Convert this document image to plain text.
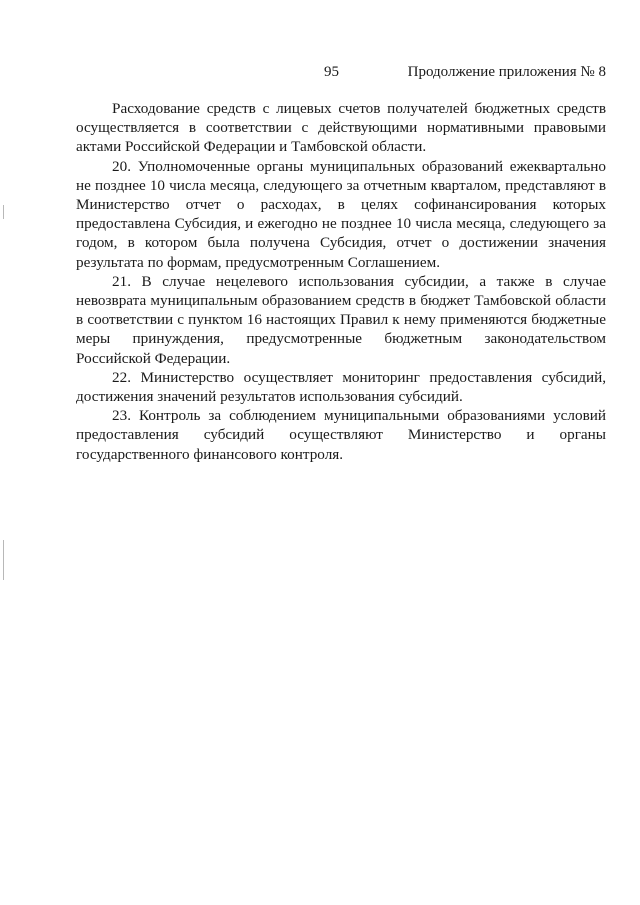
95	Продолжение приложения № 8

Расходование средств с лицевых счетов получателей бюджетных средств осуществляется в соответствии с действующими нормативными правовыми актами Российской Федерации и Тамбовской области.

20. Уполномоченные органы муниципальных образований ежеквартально не позднее 10 числа месяца, следующего за отчетным кварталом, представляют в Министерство отчет о расходах, в целях софинансирования которых предоставлена Субсидия, и ежегодно не позднее 10 числа месяца, следующего за годом, в котором была получена Субсидия, отчет о достижении значения результата по формам, предусмотренным Соглашением.

21. В случае нецелевого использования субсидии, а также в случае невозврата муниципальным образованием средств в бюджет Тамбовской области в соответствии с пунктом 16 настоящих Правил к нему применяются бюджетные меры принуждения, предусмотренные бюджетным законодательством Российской Федерации.

22. Министерство осуществляет мониторинг предоставления субсидий, достижения значений результатов использования субсидий.

23. Контроль за соблюдением муниципальными образованиями условий предоставления субсидий осуществляют Министерство и органы государственного финансового контроля.
